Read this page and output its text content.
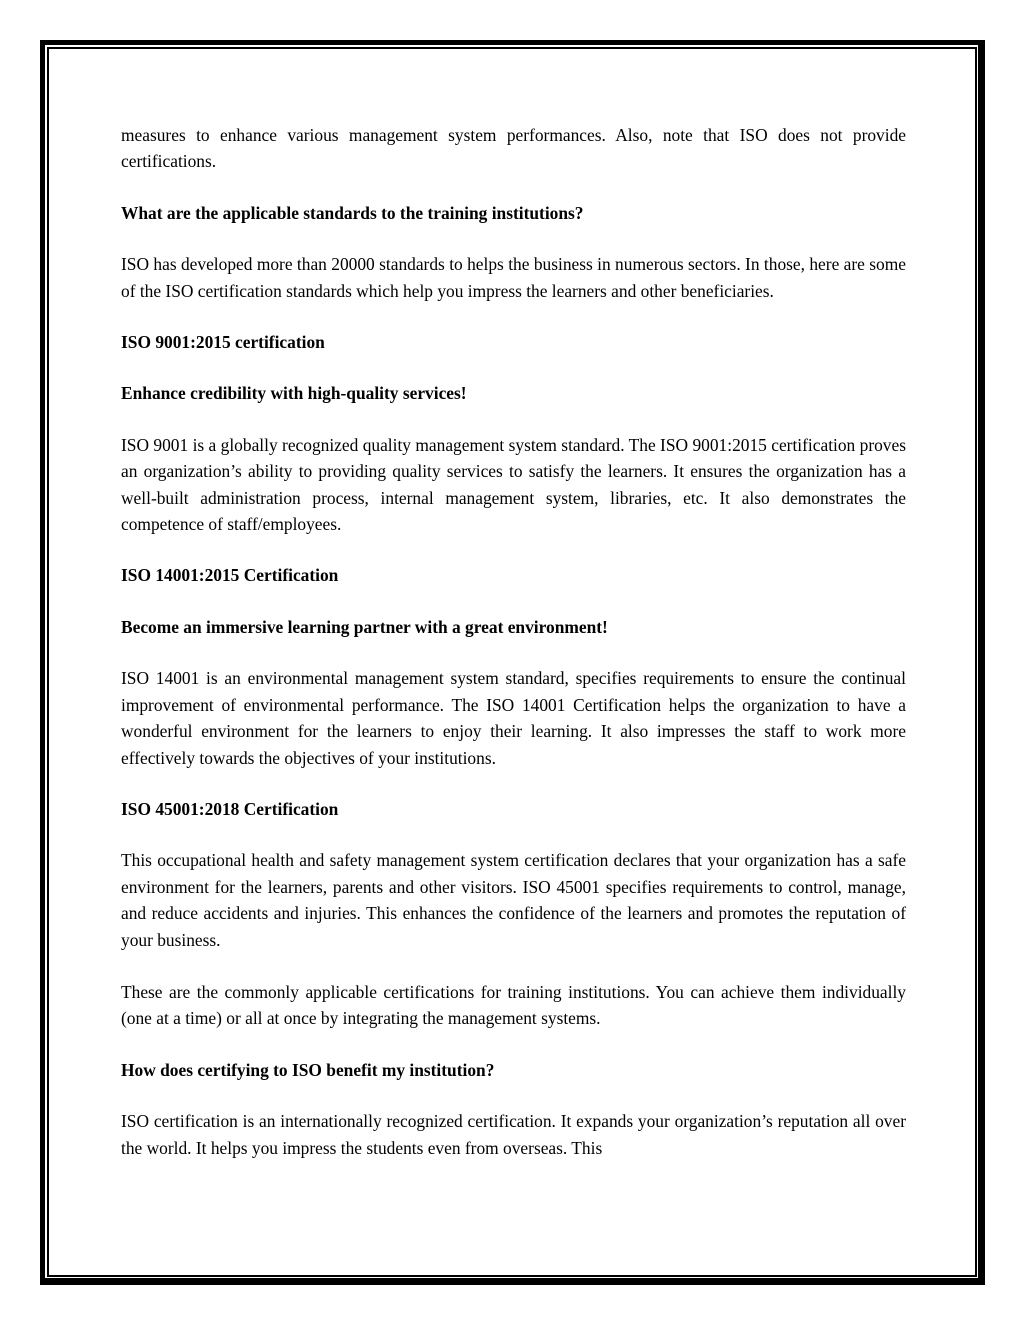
measures to enhance various management system performances. Also, note that ISO does not provide certifications.

What are the applicable standards to the training institutions?

ISO has developed more than 20000 standards to helps the business in numerous sectors. In those, here are some of the ISO certification standards which help you impress the learners and other beneficiaries.

ISO 9001:2015 certification

Enhance credibility with high-quality services!

ISO 9001 is a globally recognized quality management system standard. The ISO 9001:2015 certification proves an organization’s ability to providing quality services to satisfy the learners. It ensures the organization has a well-built administration process, internal management system, libraries, etc. It also demonstrates the competence of staff/employees.

ISO 14001:2015 Certification

Become an immersive learning partner with a great environment!

ISO 14001 is an environmental management system standard, specifies requirements to ensure the continual improvement of environmental performance. The ISO 14001 Certification helps the organization to have a wonderful environment for the learners to enjoy their learning. It also impresses the staff to work more effectively towards the objectives of your institutions.

ISO 45001:2018 Certification

This occupational health and safety management system certification declares that your organization has a safe environment for the learners, parents and other visitors. ISO 45001 specifies requirements to control, manage, and reduce accidents and injuries. This enhances the confidence of the learners and promotes the reputation of your business.

These are the commonly applicable certifications for training institutions. You can achieve them individually (one at a time) or all at once by integrating the management systems.

How does certifying to ISO benefit my institution?

ISO certification is an internationally recognized certification. It expands your organization’s reputation all over the world. It helps you impress the students even from overseas. This
